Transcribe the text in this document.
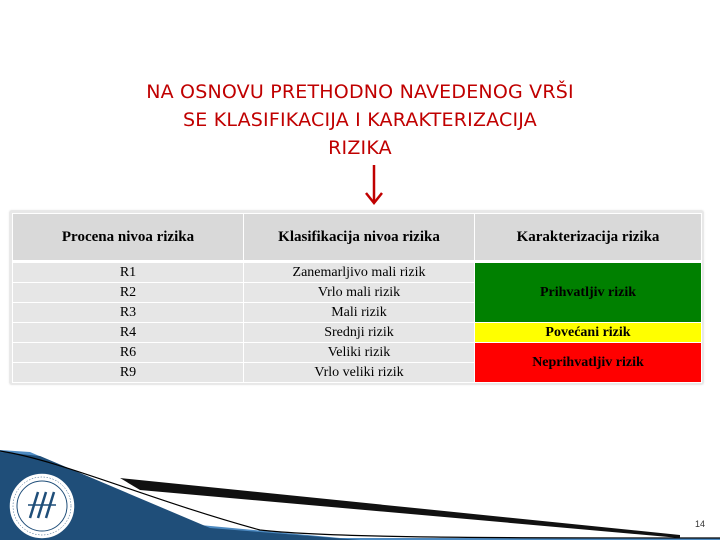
NA OSNOVU PRETHODNO NAVEDENOG VRŠI
SE KLASIFIKACIJA I KARAKTERIZACIJA
RIZIKA
Procena nivoa rizika	Klasifikacija nivoa rizika	Karakterizacija rizika
R1	Zanemarljivo mali rizik	Prihvatljiv rizik
R2	Vrlo mali rizik	
R3	Mali rizik	
R4	Srednji rizik	Povećani rizik
R6	Veliki rizik	Neprihvatljiv rizik
R9	Vrlo veliki rizik	
14
